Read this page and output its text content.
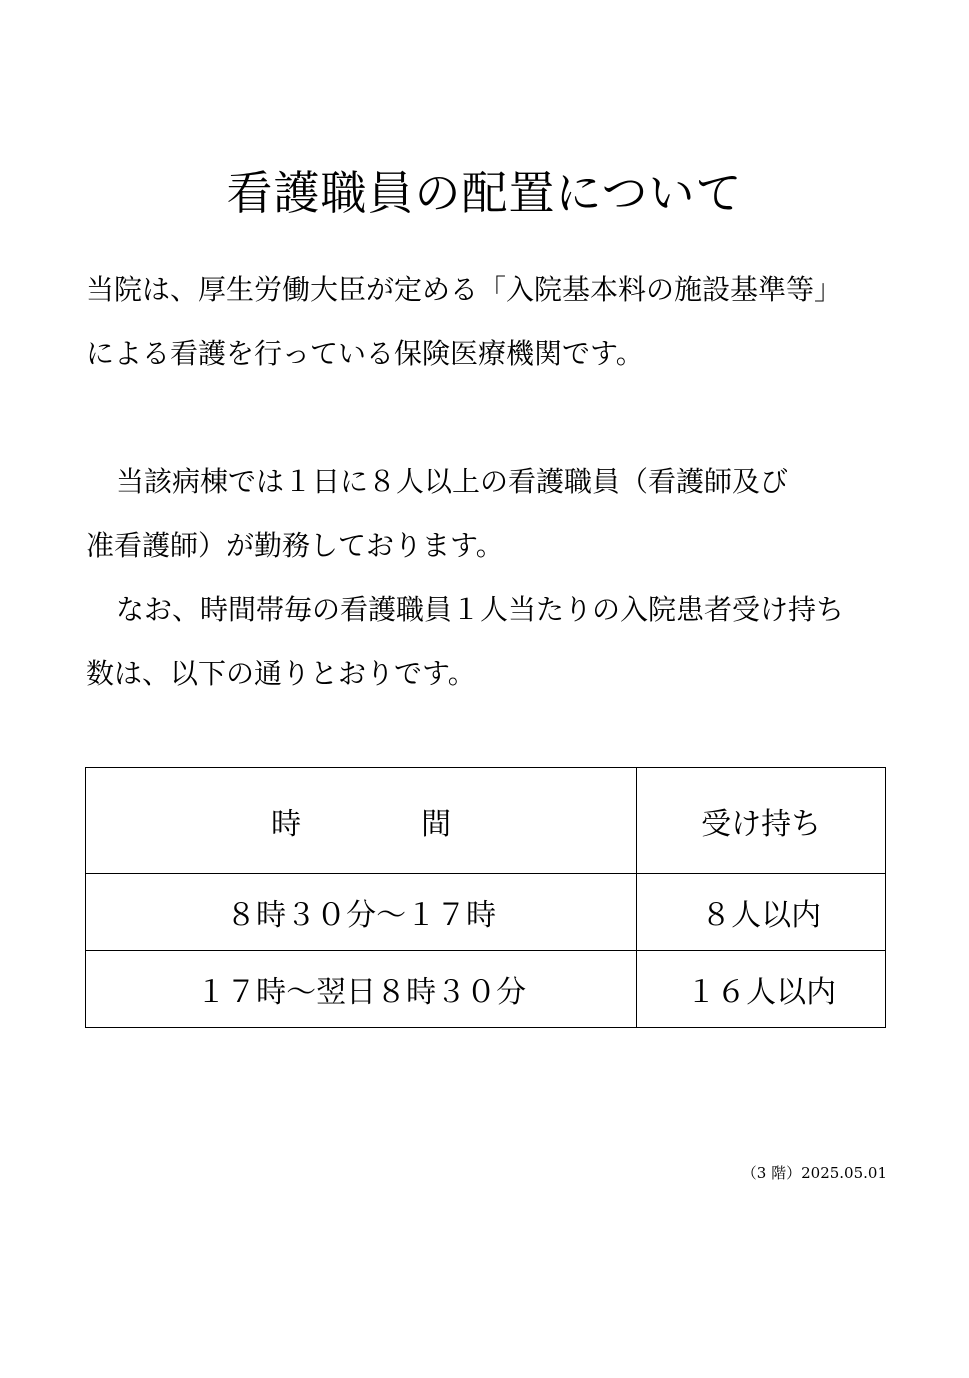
看護職員の配置について
当院は、厚生労働大臣が定める「入院基本料の施設基準等」
による看護を行っている保険医療機関です。
当該病棟では１日に８人以上の看護職員（看護師及び
准看護師）が勤務しております。
なお、時間帯毎の看護職員１人当たりの入院患者受け持ち
数は、以下の通りとおりです。
時 間	受け持ち
８時３０分～１７時	８人以内
１７時～翌日８時３０分	１６人以内
（3 階）2025.05.01
